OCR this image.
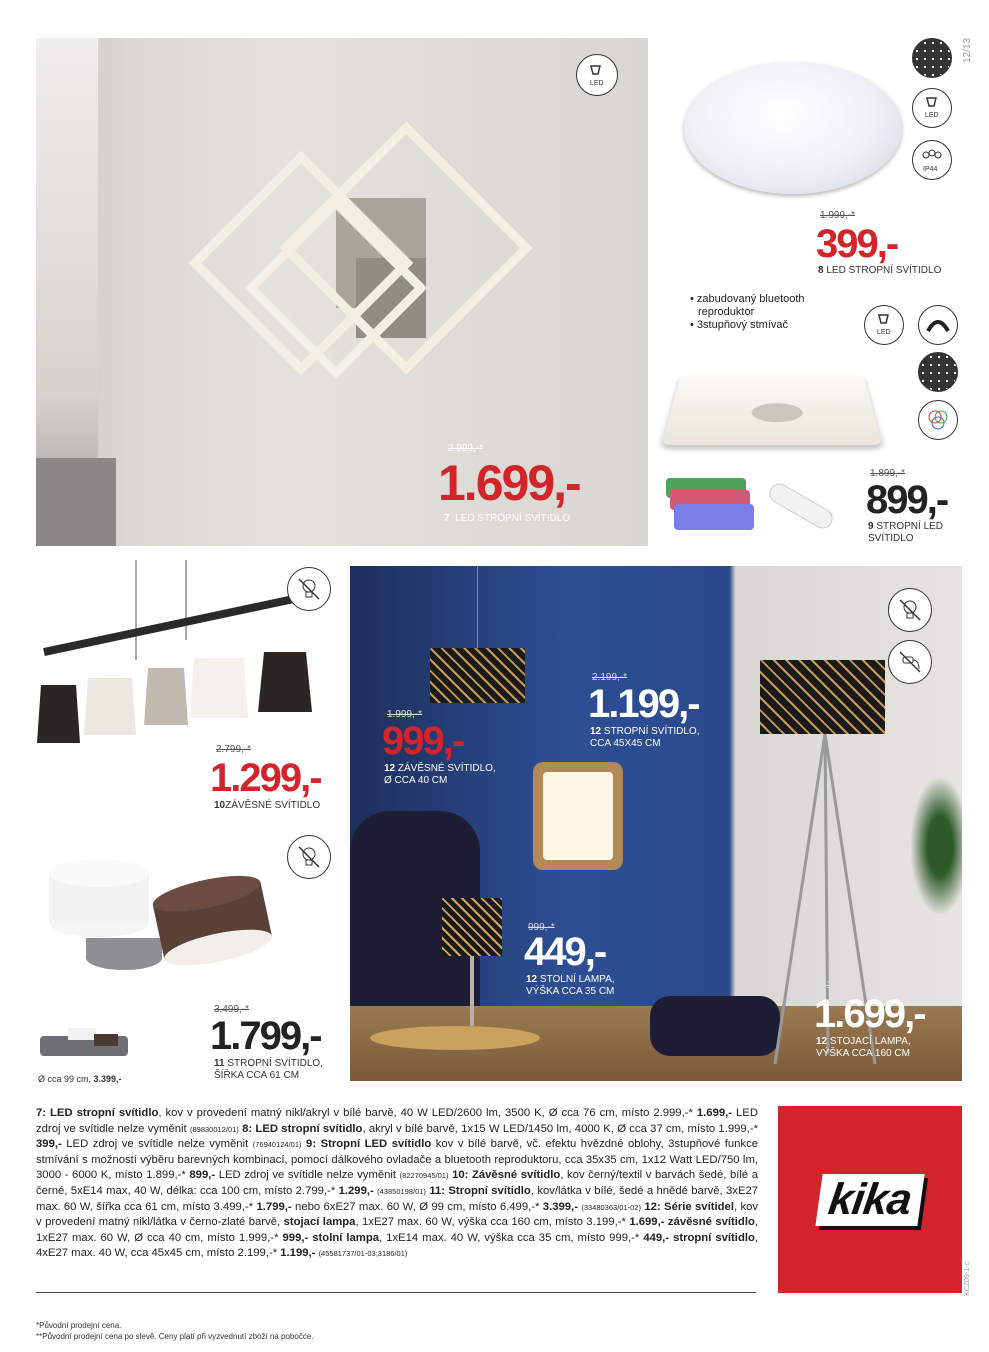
LED
2.999,-*
1.699,-
7 LED STROPNÍ SVÍTIDLO
12/13
LED
IP44
1.999,-*
399,-
8 LED STROPNÍ SVÍTIDLO
• zabudovaný bluetooth
reproduktor
• 3stupňový stmívač
LED
1.899,-*
899,-
9 STROPNÍ LED
SVÍTIDLO
2.799,-*
1.299,-
10ZÁVĚSNÉ SVÍTIDLO
Ø cca 99 cm, 3.399,-
3.499,-*
1.799,-
11 STROPNÍ SVÍTIDLO,
ŠÍŘKA CCA 61 CM
1.999,-*
999,-
12 ZÁVĚSNÉ SVÍTIDLO,
Ø CCA 40 CM
2.199,-*
1.199,-
12 STROPNÍ SVÍTIDLO,
CCA 45X45 CM
999,-*
449,-
12 STOLNÍ LAMPA,
VÝŠKA CCA 35 CM
3.199,-*
1.699,-
12 STOJACÍ LAMPA,
VÝŠKA CCA 160 CM
7: LED stropní svítidlo, kov v provedení matný nikl/akryl v bílé barvě, 40 W LED/2600 lm, 3500 K, Ø cca 76 cm, místo 2.999,-* 1.699,- LED zdroj ve svítidle nelze vyměnit (89830012/01) 8: LED stropní svítidlo, akryl v bílé barvě, 1x15 W LED/1450 lm, 4000 K, Ø cca 37 cm, místo 1.999,-* 399,- LED zdroj ve svítidle nelze vyměnit (76940124/01) 9: Stropní LED svítidlo kov v bílé barvě, vč. efektu hvězdné oblohy, 3stupňové funkce stmívání s možností výběru barevných kombinací, pomocí dálkového ovladače a bluetooth reproduktoru, cca 35x35 cm, 1x12 Watt LED/750 lm, 3000 - 6000 K, místo 1.899,-* 899,- LED zdroj ve svítidle nelze vyměnit (82270945/01) 10: Závěsné svítidlo, kov černý/textil v barvách šedé, bílé a černé, 5xE14 max, 40 W, délka: cca 100 cm, místo 2.799,-* 1.299,- (43850198/01) 11: Stropní svítidlo, kov/látka v bílé, šedé a hnědé barvě, 3xE27 max. 60 W, šířka cca 61 cm, místo 3.499,-* 1.799,- nebo 6xE27 max. 60 W, Ø 99 cm, místo 6.499,-* 3.399,- (33480363/01-02) 12: Série svítidel, kov v provedení matný nikl/látka v černo-zlaté barvě, stojací lampa, 1xE27 max. 60 W, výška cca 160 cm, místo 3.199,-* 1.699,- závěsné svítidlo, 1xE27 max. 60 W, Ø cca 40 cm, místo 1.999,-* 999,- stolní lampa, 1xE14 max. 40 W, výška cca 35 cm, místo 999,-* 449,- stropní svítidlo, 4xE27 max. 40 W, cca 45x45 cm, místo 2.199,-* 1.199,- (45581737/01-03;3186/01)
*Původní prodejní cena.
**Původní prodejní cena po slevě. Ceny platí při vyzvednutí zboží na pobočce.
kika
KCZ09-1-c
